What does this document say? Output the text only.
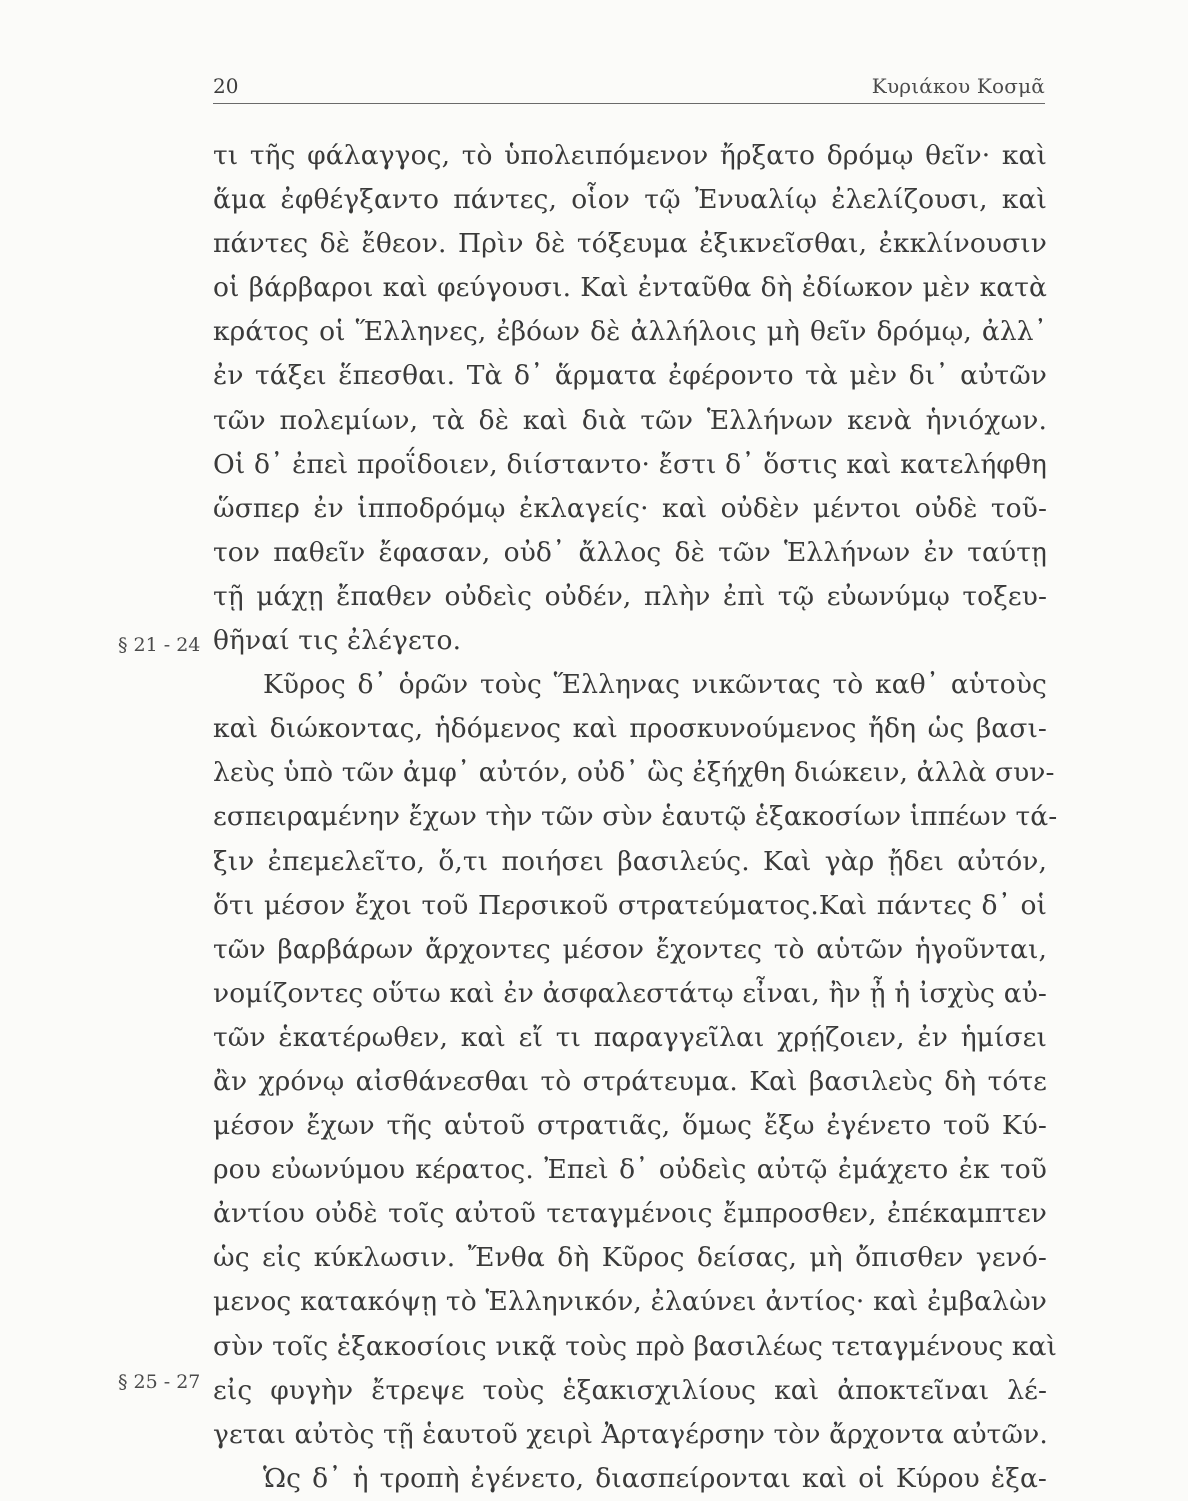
20	Κυριάκου Κοσμᾶ
§ 21 - 24
§ 25 - 27
τι τῆς φάλαγγος, τὸ ὑπολειπόμενον ἤρξατο δρόμῳ θεῖν· καὶ
ἅμα ἐφθέγξαντο πάντες, οἷον τῷ Ἐνυαλίῳ ἐλελίζουσι, καὶ
πάντες δὲ ἔθεον. Πρὶν δὲ τόξευμα ἐξικνεῖσθαι, ἐκκλίνουσιν
οἱ βάρβαροι καὶ φεύγουσι. Καὶ ἐνταῦθα δὴ ἐδίωκον μὲν κατὰ
κράτος οἱ Ἕλληνες, ἐβόων δὲ ἀλλήλοις μὴ θεῖν δρόμῳ, ἀλλ᾿
ἐν τάξει ἕπεσθαι. Τὰ δ᾿ ἅρματα ἐφέροντο τὰ μὲν δι᾿ αὐτῶν
τῶν πολεμίων, τὰ δὲ καὶ διὰ τῶν Ἑλλήνων κενὰ ἡνιόχων.
Οἱ δ᾿ ἐπεὶ προΐδοιεν, διίσταντο· ἔστι δ᾿ ὅστις καὶ κατελήφθη
ὥσπερ ἐν ἱπποδρόμῳ ἐκλαγείς· καὶ οὐδὲν μέντοι οὐδὲ τοῦ-
τον παθεῖν ἔφασαν, οὐδ᾿ ἄλλος δὲ τῶν Ἑλλήνων ἐν ταύτῃ
τῇ μάχῃ ἔπαθεν οὐδεὶς οὐδέν, πλὴν ἐπὶ τῷ εὐωνύμῳ τοξευ-
θῆναί τις ἐλέγετο.
Κῦρος δ᾿ ὁρῶν τοὺς Ἕλληνας νικῶντας τὸ καθ᾿ αὑτοὺς
καὶ διώκοντας, ἡδόμενος καὶ προσκυνούμενος ἤδη ὡς βασι-
λεὺς ὑπὸ τῶν ἀμφ᾿ αὐτόν, οὐδ᾿ ὣς ἐξήχθη διώκειν, ἀλλὰ συν-
εσπειραμένην ἔχων τὴν τῶν σὺν ἑαυτῷ ἑξακοσίων ἱππέων τά-
ξιν ἐπεμελεῖτο, ὅ,τι ποιήσει βασιλεύς. Καὶ γὰρ ᾔδει αὐτόν,
ὅτι μέσον ἔχοι τοῦ Περσικοῦ στρατεύματος.Καὶ πάντες δ᾿ οἱ
τῶν βαρβάρων ἄρχοντες μέσον ἔχοντες τὸ αὑτῶν ἡγοῦνται,
νομίζοντες οὕτω καὶ ἐν ἀσφαλεστάτῳ εἶναι, ἢν ᾖ ἡ ἰσχὺς αὐ-
τῶν ἑκατέρωθεν, καὶ εἴ τι παραγγεῖλαι χρῄζοιεν, ἐν ἡμίσει
ἂν χρόνῳ αἰσθάνεσθαι τὸ στράτευμα. Καὶ βασιλεὺς δὴ τότε
μέσον ἔχων τῆς αὑτοῦ στρατιᾶς, ὅμως ἔξω ἐγένετο τοῦ Κύ-
ρου εὐωνύμου κέρατος. Ἐπεὶ δ᾿ οὐδεὶς αὐτῷ ἐμάχετο ἐκ τοῦ
ἀντίου οὐδὲ τοῖς αὐτοῦ τεταγμένοις ἔμπροσθεν, ἐπέκαμπτεν
ὡς εἰς κύκλωσιν. Ἔνθα δὴ Κῦρος δείσας, μὴ ὄπισθεν γενό-
μενος κατακόψῃ τὸ Ἑλληνικόν, ἐλαύνει ἀντίος· καὶ ἐμβαλὼν
σὺν τοῖς ἑξακοσίοις νικᾷ τοὺς πρὸ βασιλέως τεταγμένους καὶ
εἰς φυγὴν ἔτρεψε τοὺς ἑξακισχιλίους καὶ ἀποκτεῖναι λέ-
γεται αὐτὸς τῇ ἑαυτοῦ χειρὶ Ἀρταγέρσην τὸν ἄρχοντα αὐτῶν.
Ὡς δ᾿ ἡ τροπὴ ἐγένετο, διασπείρονται καὶ οἱ Κύρου ἑξα-
